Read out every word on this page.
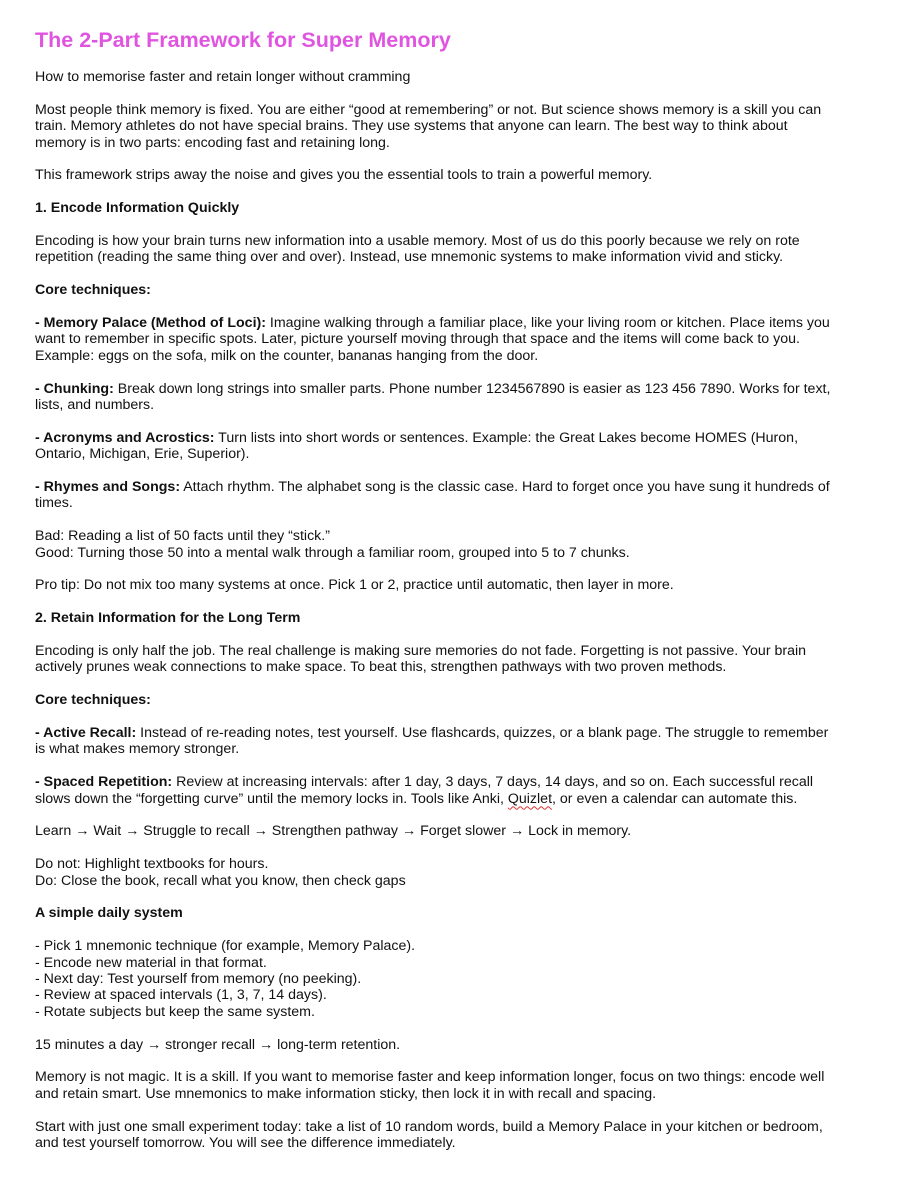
The 2-Part Framework for Super Memory

How to memorise faster and retain longer without cramming

Most people think memory is fixed. You are either “good at remembering” or not. But science shows memory is a skill you can train. Memory athletes do not have special brains. They use systems that anyone can learn. The best way to think about memory is in two parts: encoding fast and retaining long.

This framework strips away the noise and gives you the essential tools to train a powerful memory.

1. Encode Information Quickly

Encoding is how your brain turns new information into a usable memory. Most of us do this poorly because we rely on rote repetition (reading the same thing over and over). Instead, use mnemonic systems to make information vivid and sticky.

Core techniques:

- Memory Palace (Method of Loci): Imagine walking through a familiar place, like your living room or kitchen. Place items you want to remember in specific spots. Later, picture yourself moving through that space and the items will come back to you. Example: eggs on the sofa, milk on the counter, bananas hanging from the door.

- Chunking: Break down long strings into smaller parts. Phone number 1234567890 is easier as 123 456 7890. Works for text, lists, and numbers.

- Acronyms and Acrostics: Turn lists into short words or sentences. Example: the Great Lakes become HOMES (Huron, Ontario, Michigan, Erie, Superior).

- Rhymes and Songs: Attach rhythm. The alphabet song is the classic case. Hard to forget once you have sung it hundreds of times.

Bad: Reading a list of 50 facts until they “stick.”
Good: Turning those 50 into a mental walk through a familiar room, grouped into 5 to 7 chunks.

Pro tip: Do not mix too many systems at once. Pick 1 or 2, practice until automatic, then layer in more.

2. Retain Information for the Long Term

Encoding is only half the job. The real challenge is making sure memories do not fade. Forgetting is not passive. Your brain actively prunes weak connections to make space. To beat this, strengthen pathways with two proven methods.

Core techniques:

- Active Recall: Instead of re-reading notes, test yourself. Use flashcards, quizzes, or a blank page. The struggle to remember is what makes memory stronger.

- Spaced Repetition: Review at increasing intervals: after 1 day, 3 days, 7 days, 14 days, and so on. Each successful recall slows down the “forgetting curve” until the memory locks in. Tools like Anki, Quizlet, or even a calendar can automate this.

Learn → Wait → Struggle to recall → Strengthen pathway → Forget slower → Lock in memory.

Do not: Highlight textbooks for hours.
Do: Close the book, recall what you know, then check gaps

A simple daily system

- Pick 1 mnemonic technique (for example, Memory Palace).
- Encode new material in that format.
- Next day: Test yourself from memory (no peeking).
- Review at spaced intervals (1, 3, 7, 14 days).
- Rotate subjects but keep the same system.

15 minutes a day → stronger recall → long-term retention.

Memory is not magic. It is a skill. If you want to memorise faster and keep information longer, focus on two things: encode well and retain smart. Use mnemonics to make information sticky, then lock it in with recall and spacing.

Start with just one small experiment today: take a list of 10 random words, build a Memory Palace in your kitchen or bedroom, and test yourself tomorrow. You will see the difference immediately.
